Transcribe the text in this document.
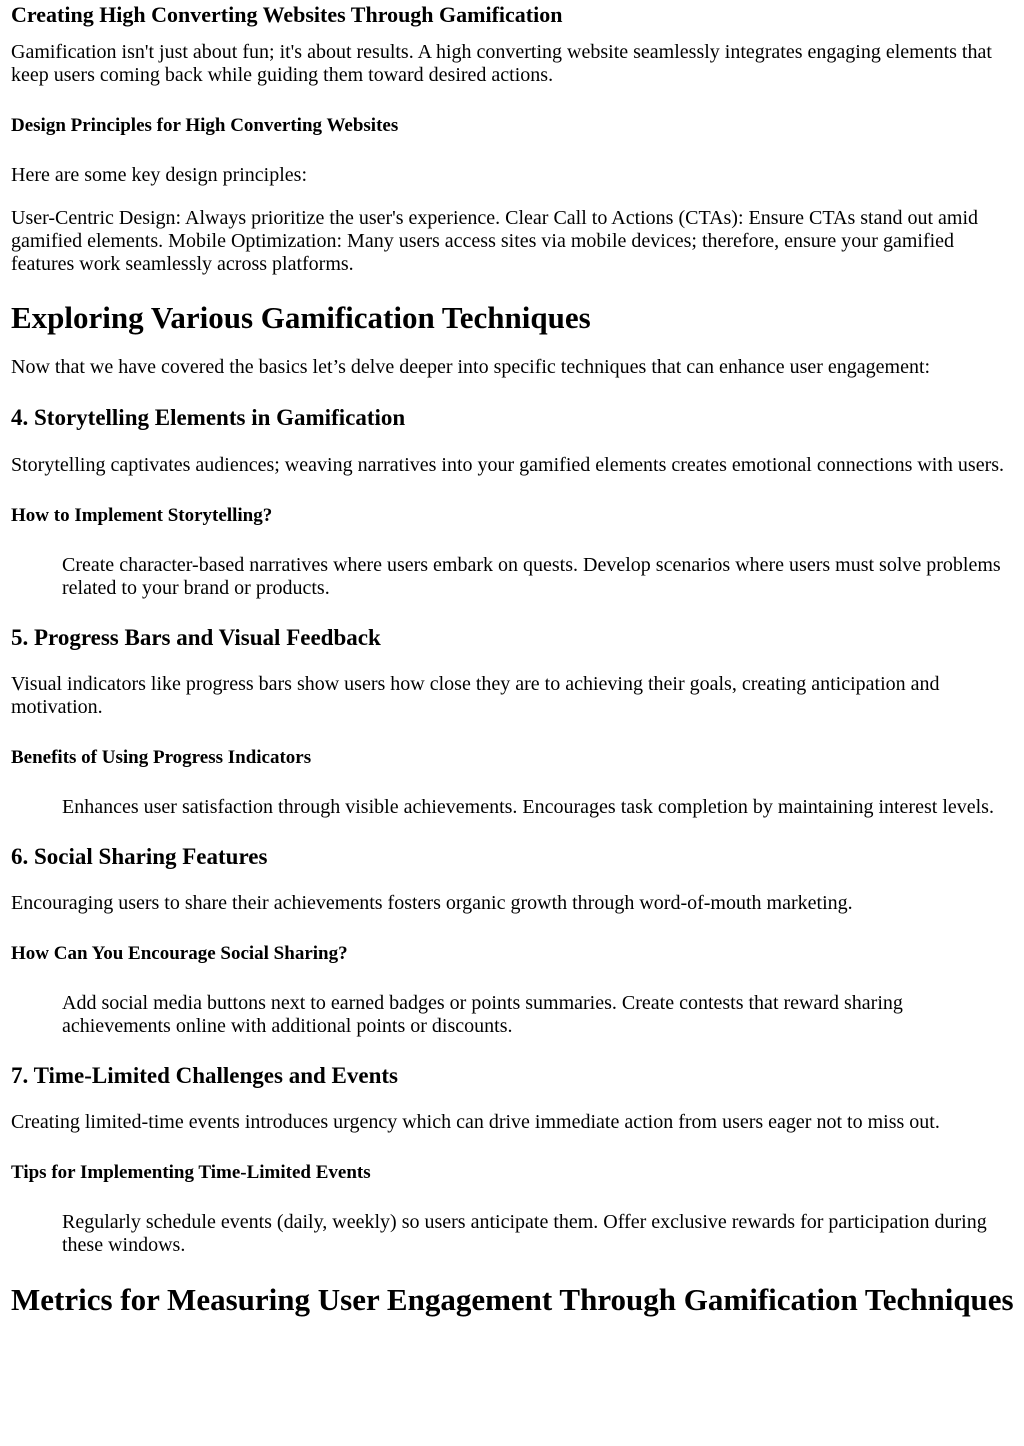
Creating High Converting Websites Through Gamification

Gamification isn't just about fun; it's about results. A high converting website seamlessly integrates engaging elements that keep users coming back while guiding them toward desired actions.

Design Principles for High Converting Websites

Here are some key design principles:

User-Centric Design: Always prioritize the user's experience. Clear Call to Actions (CTAs): Ensure CTAs stand out amid gamified elements. Mobile Optimization: Many users access sites via mobile devices; therefore, ensure your gamified features work seamlessly across platforms.

Exploring Various Gamification Techniques

Now that we have covered the basics let’s delve deeper into specific techniques that can enhance user engagement:

4. Storytelling Elements in Gamification

Storytelling captivates audiences; weaving narratives into your gamified elements creates emotional connections with users.

How to Implement Storytelling?

Create character-based narratives where users embark on quests. Develop scenarios where users must solve problems related to your brand or products.

5. Progress Bars and Visual Feedback

Visual indicators like progress bars show users how close they are to achieving their goals, creating anticipation and motivation.

Benefits of Using Progress Indicators

Enhances user satisfaction through visible achievements. Encourages task completion by maintaining interest levels.

6. Social Sharing Features

Encouraging users to share their achievements fosters organic growth through word-of-mouth marketing.

How Can You Encourage Social Sharing?

Add social media buttons next to earned badges or points summaries. Create contests that reward sharing achievements online with additional points or discounts.

7. Time-Limited Challenges and Events

Creating limited-time events introduces urgency which can drive immediate action from users eager not to miss out.

Tips for Implementing Time-Limited Events

Regularly schedule events (daily, weekly) so users anticipate them. Offer exclusive rewards for participation during these windows.

Metrics for Measuring User Engagement Through Gamification Techniques
